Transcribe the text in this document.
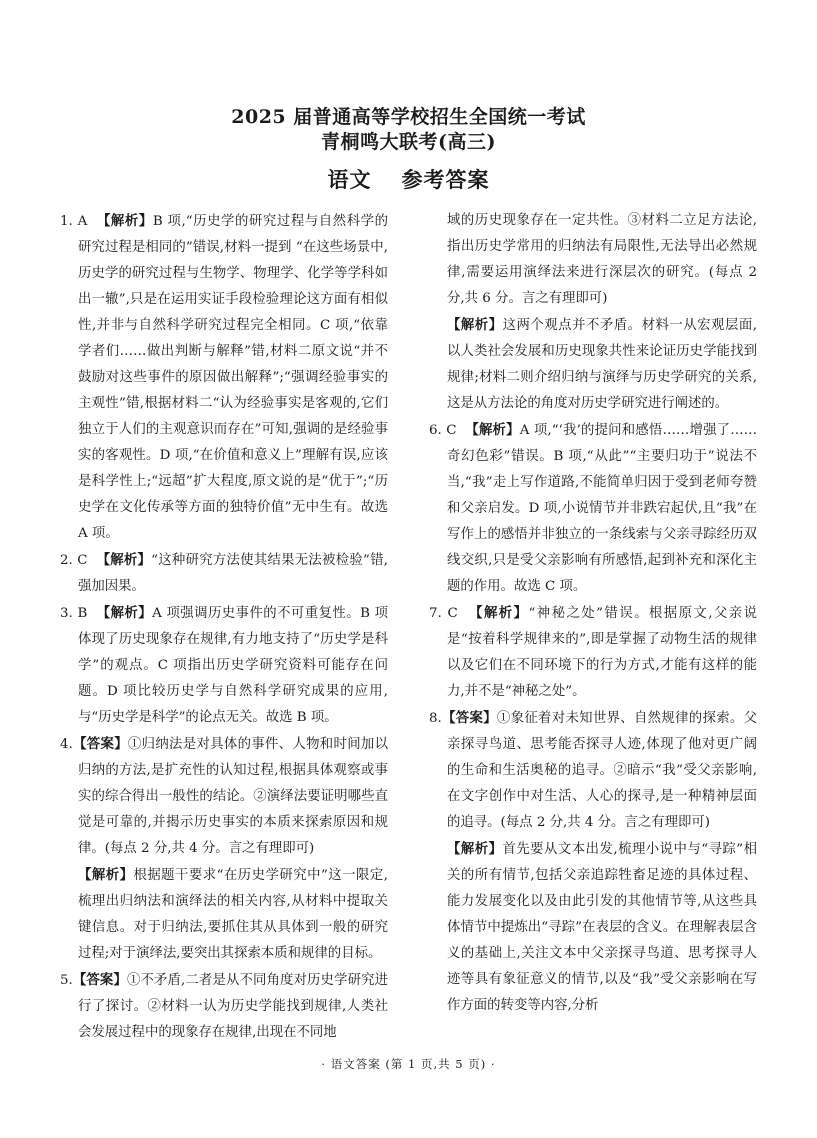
2025 届普通高等学校招生全国统一考试
青桐鸣大联考(高三)
语文 参考答案

1. A 【解析】B 项,“历史学的研究过程与自然科学的研究过程是相同的”错误,材料一提到 “在这些场景中,历史学的研究过程与生物学、物理学、化学等学科如出一辙”,只是在运用实证手段检验理论这方面有相似性,并非与自然科学研究过程完全相同。C 项,“依靠学者们……做出判断与解释”错,材料二原文说“并不鼓励对这些事件的原因做出解释”;“强调经验事实的主观性”错,根据材料二“认为经验事实是客观的,它们独立于人们的主观意识而存在”可知,强调的是经验事实的客观性。D 项,“在价值和意义上”理解有误,应该是科学性上;“远超”扩大程度,原文说的是“优于”;“历史学在文化传承等方面的独特价值”无中生有。故选 A 项。

2. C 【解析】“这种研究方法使其结果无法被检验”错,强加因果。

3. B 【解析】A 项强调历史事件的不可重复性。B 项体现了历史现象存在规律,有力地支持了“历史学是科学”的观点。C 项指出历史学研究资料可能存在问题。D 项比较历史学与自然科学研究成果的应用,与“历史学是科学”的论点无关。故选 B 项。

4.【答案】①归纳法是对具体的事件、人物和时间加以归纳的方法,是扩充性的认知过程,根据具体观察或事实的综合得出一般性的结论。②演绎法要证明哪些直觉是可靠的,并揭示历史事实的本质来探索原因和规律。(每点 2 分,共 4 分。言之有理即可)

【解析】根据题干要求“在历史学研究中”这一限定,梳理出归纳法和演绎法的相关内容,从材料中提取关键信息。对于归纳法,要抓住其从具体到一般的研究过程;对于演绎法,要突出其探索本质和规律的目标。

5.【答案】①不矛盾,二者是从不同角度对历史学研究进行了探讨。②材料一认为历史学能找到规律,人类社会发展过程中的现象存在规律,出现在不同地

域的历史现象存在一定共性。③材料二立足方法论,指出历史学常用的归纳法有局限性,无法导出必然规律,需要运用演绎法来进行深层次的研究。(每点 2 分,共 6 分。言之有理即可)

【解析】这两个观点并不矛盾。材料一从宏观层面,以人类社会发展和历史现象共性来论证历史学能找到规律;材料二则介绍归纳与演绎与历史学研究的关系,这是从方法论的角度对历史学研究进行阐述的。

6. C 【解析】A 项,“‘我’的提问和感悟……增强了……奇幻色彩”错误。B 项,“从此”“主要归功于”说法不当,“我”走上写作道路,不能简单归因于受到老师夸赞和父亲启发。D 项,小说情节并非跌宕起伏,且“我”在写作上的感悟并非独立的一条线索与父亲寻踪经历双线交织,只是受父亲影响有所感悟,起到补充和深化主题的作用。故选 C 项。

7. C 【解析】“神秘之处”错误。根据原文,父亲说是“按着科学规律来的”,即是掌握了动物生活的规律以及它们在不同环境下的行为方式,才能有这样的能力,并不是“神秘之处”。

8.【答案】①象征着对未知世界、自然规律的探索。父亲探寻鸟道、思考能否探寻人迹,体现了他对更广阔的生命和生活奥秘的追寻。②暗示“我”受父亲影响,在文字创作中对生活、人心的探寻,是一种精神层面的追寻。(每点 2 分,共 4 分。言之有理即可)

【解析】首先要从文本出发,梳理小说中与“寻踪”相关的所有情节,包括父亲追踪牲畜足迹的具体过程、能力发展变化以及由此引发的其他情节等,从这些具体情节中提炼出“寻踪”在表层的含义。在理解表层含义的基础上,关注文本中父亲探寻鸟道、思考探寻人迹等具有象征意义的情节,以及“我”受父亲影响在写作方面的转变等内容,分析

· 语文答案 (第 1 页,共 5 页) ·
